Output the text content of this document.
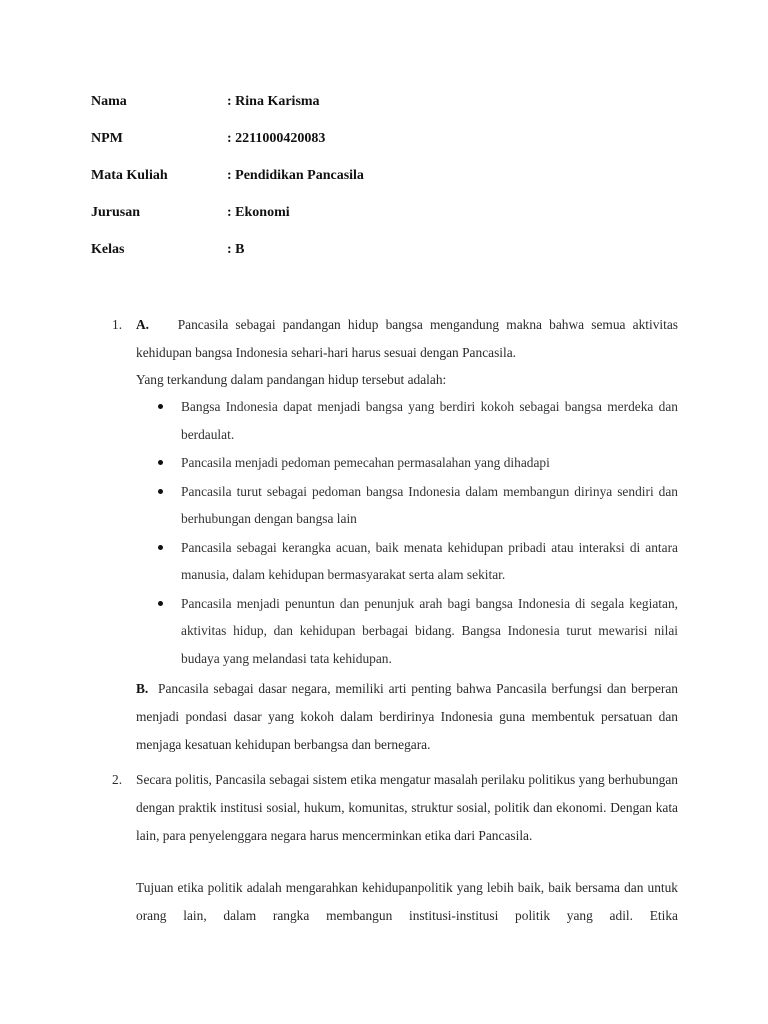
Nama	: Rina Karisma
NPM	: 2211000420083
Mata Kuliah	: Pendidikan Pancasila
Jurusan	: Ekonomi
Kelas	: B
1. A. Pancasila sebagai pandangan hidup bangsa mengandung makna bahwa semua aktivitas kehidupan bangsa Indonesia sehari-hari harus sesuai dengan Pancasila.

Yang terkandung dalam pandangan hidup tersebut adalah:

Bangsa Indonesia dapat menjadi bangsa yang berdiri kokoh sebagai bangsa merdeka dan berdaulat.
Pancasila menjadi pedoman pemecahan permasalahan yang dihadapi
Pancasila turut sebagai pedoman bangsa Indonesia dalam membangun dirinya sendiri dan berhubungan dengan bangsa lain
Pancasila sebagai kerangka acuan, baik menata kehidupan pribadi atau interaksi di antara manusia, dalam kehidupan bermasyarakat serta alam sekitar.
Pancasila menjadi penuntun dan penunjuk arah bagi bangsa Indonesia di segala kegiatan, aktivitas hidup, dan kehidupan berbagai bidang. Bangsa Indonesia turut mewarisi nilai budaya yang melandasi tata kehidupan.

B. Pancasila sebagai dasar negara, memiliki arti penting bahwa Pancasila berfungsi dan berperan menjadi pondasi dasar yang kokoh dalam berdirinya Indonesia guna membentuk persatuan dan menjaga kesatuan kehidupan berbangsa dan bernegara.

2. Secara politis, Pancasila sebagai sistem etika mengatur masalah perilaku politikus yang berhubungan dengan praktik institusi sosial, hukum, komunitas, struktur sosial, politik dan ekonomi. Dengan kata lain, para penyelenggara negara harus mencerminkan etika dari Pancasila.

Tujuan etika politik adalah mengarahkan kehidupanpolitik yang lebih baik, baik bersama dan untuk orang lain, dalam rangka membangun institusi-institusi politik yang adil. Etika
